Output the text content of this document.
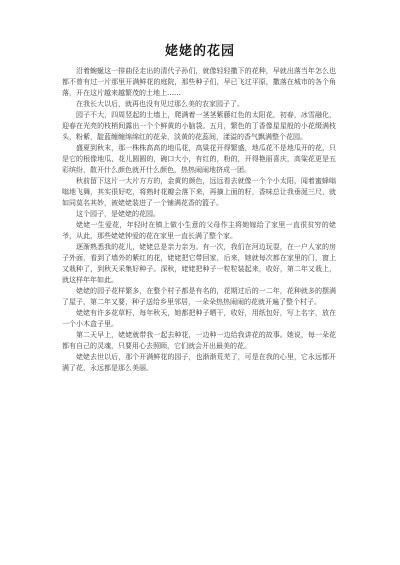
姥姥的花园

沿着蜿蜒这一排曲径走出的清代子孙们，就像轻轻撒下的花种，早就出落当年怎么也都不曾有过一片那里开满鲜花的庭院，那些种子们，早已飞过平原，撒落在城市的各个角落，开在这片越来越繁茂的土地上……

在我长大以后，就再也没有见过那么美的农家园子了。

园子不大，四周竖起的土墙上，爬满着一茎茎紫藤红色的太阳花，初春，冰雪融化，迎春在光亮的枝梢间露出一个个鲜黄的小脑袋。五月，繁色的丁香像星星般的小花缀满枝头，粉紫，靛蓝缠缠绵绵红的花朵，淡黄的花蕊间，漾溢的香气飘满整个花园。

盛夏到秋末，那一株株高高的地瓜花，高粱花开得繁盛，地瓜花不是地瓜开的花，只是它的根像地瓜，花儿圆圆的，碗口大小，有红的，粉的，开得艳丽喜庆，高粱花更是五彩缤纷，散开什么颜色就开什么颜色，热热闹闹地挤成一团。

秋前留下这片一大片方方的，金黄的颜色，远远看去就像一个个小太阳，闻着蜜蜂嗡嗡地飞舞，其实很好吃，将熟时花瓣会落下来，再摘上面的籽，香味总让我垂涎三尺，就如同莫名其妙，被姥姥装进了一个铺满花香的篮子。

这个园子，是姥姥的花园。

姥姥一生爱花，年轻时在镇上做小生意的父母作主将她嫁给了家里一直很贫穷的姥爷，从此，那些姥姥钟爱的花在家里一直长满了整个家。

逐渐熟悉我的花儿，姥姥总是亲力亲为。有一次，我们在河边玩耍，在一户人家的房子外面，看到了墙外的紫红的花，姥姥把它带回家，后来，她就每次都在家里的门，窗上又栽种了，到秋天采集好种子。深秋，姥姥把种子一粒粒装起来，收好，第二年又栽上，就这样年年如此。

姥姥的园子花样繁多，在整个村子都是有名的，花期过后的一二年，花种就多的摆满了屋子，第二年又要，种子送给乡里邻居，一朵朵热热闹闹的花就开遍了整个村子。

姥姥有许多花草籽，每年秋天，她都把种子晒干，收好，用纸包好，写上名字，放在一个小木盒子里。

第二天早上，姥姥就带我一起去种花，一边种一边给我讲花的故事。她说，每一朵花都有自己的灵魂，只要用心去照顾，它们就会开出最美的花。

姥姥去世以后，那个开满鲜花的园子，也渐渐荒芜了，可是在我的心里，它永远都开满了花，永远都是那么美丽。
